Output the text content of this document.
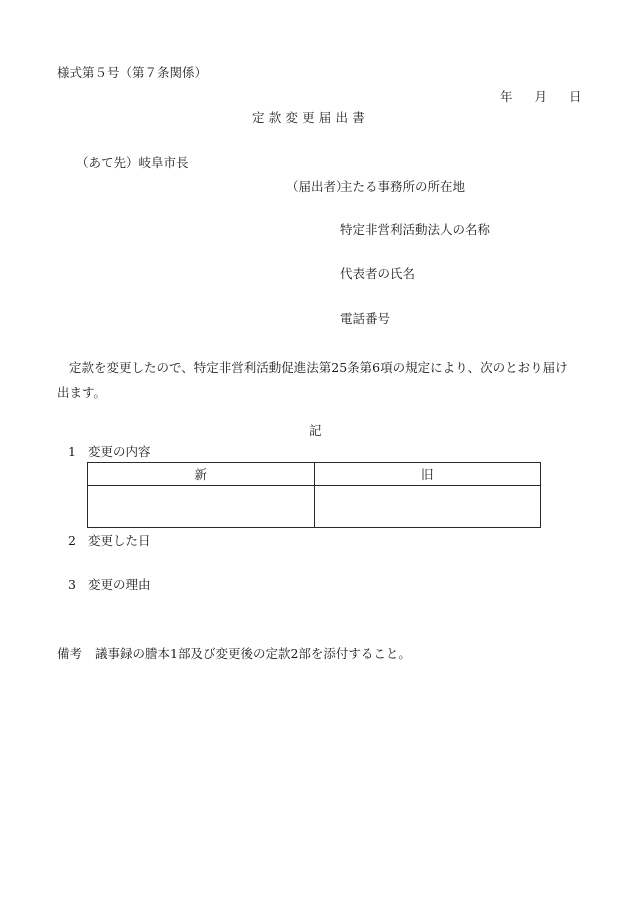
様式第５号（第７条関係）
年 月 日
定款変更届出書
（あて先）岐阜市長
（届出者）
主たる事務所の所在地
特定非営利活動法人の名称
代表者の氏名
電話番号
定款を変更したので、特定非営利活動促進法第25条第6項の規定により、次のとおり届け出ます。
記
1 変更の内容
新	旧

2 変更した日
3 変更の理由
備考 議事録の謄本1部及び変更後の定款2部を添付すること。
